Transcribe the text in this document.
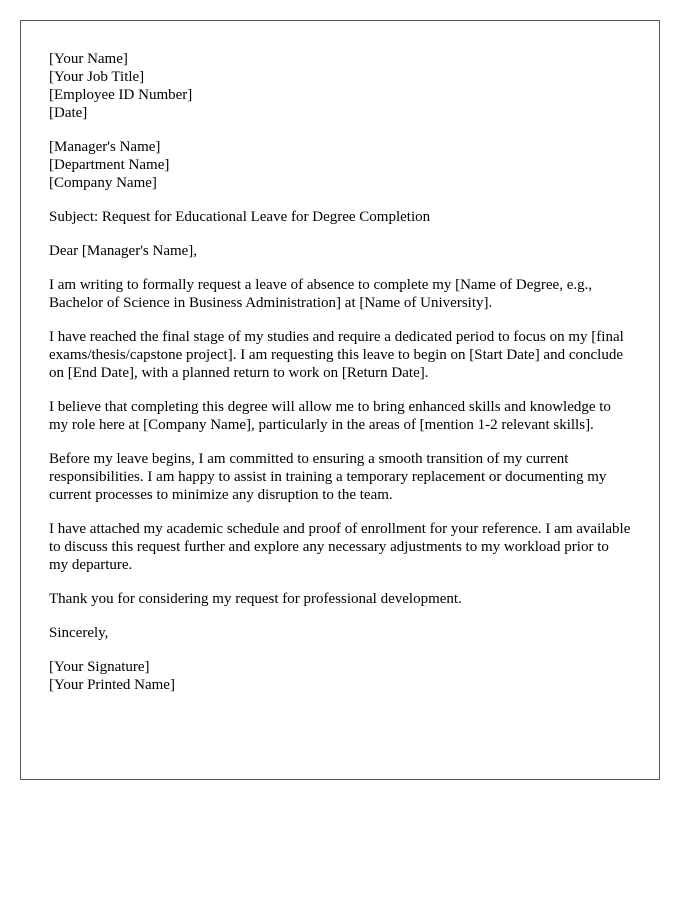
[Your Name]
[Your Job Title]
[Employee ID Number]
[Date]
[Manager's Name]
[Department Name]
[Company Name]

Subject: Request for Educational Leave for Degree Completion

Dear [Manager's Name],

I am writing to formally request a leave of absence to complete my [Name of Degree, e.g., Bachelor of Science in Business Administration] at [Name of University].

I have reached the final stage of my studies and require a dedicated period to focus on my [final exams/thesis/capstone project]. I am requesting this leave to begin on [Start Date] and conclude on [End Date], with a planned return to work on [Return Date].

I believe that completing this degree will allow me to bring enhanced skills and knowledge to my role here at [Company Name], particularly in the areas of [mention 1-2 relevant skills].

Before my leave begins, I am committed to ensuring a smooth transition of my current responsibilities. I am happy to assist in training a temporary replacement or documenting my current processes to minimize any disruption to the team.

I have attached my academic schedule and proof of enrollment for your reference. I am available to discuss this request further and explore any necessary adjustments to my workload prior to my departure.

Thank you for considering my request for professional development.

Sincerely,

[Your Signature]
[Your Printed Name]
